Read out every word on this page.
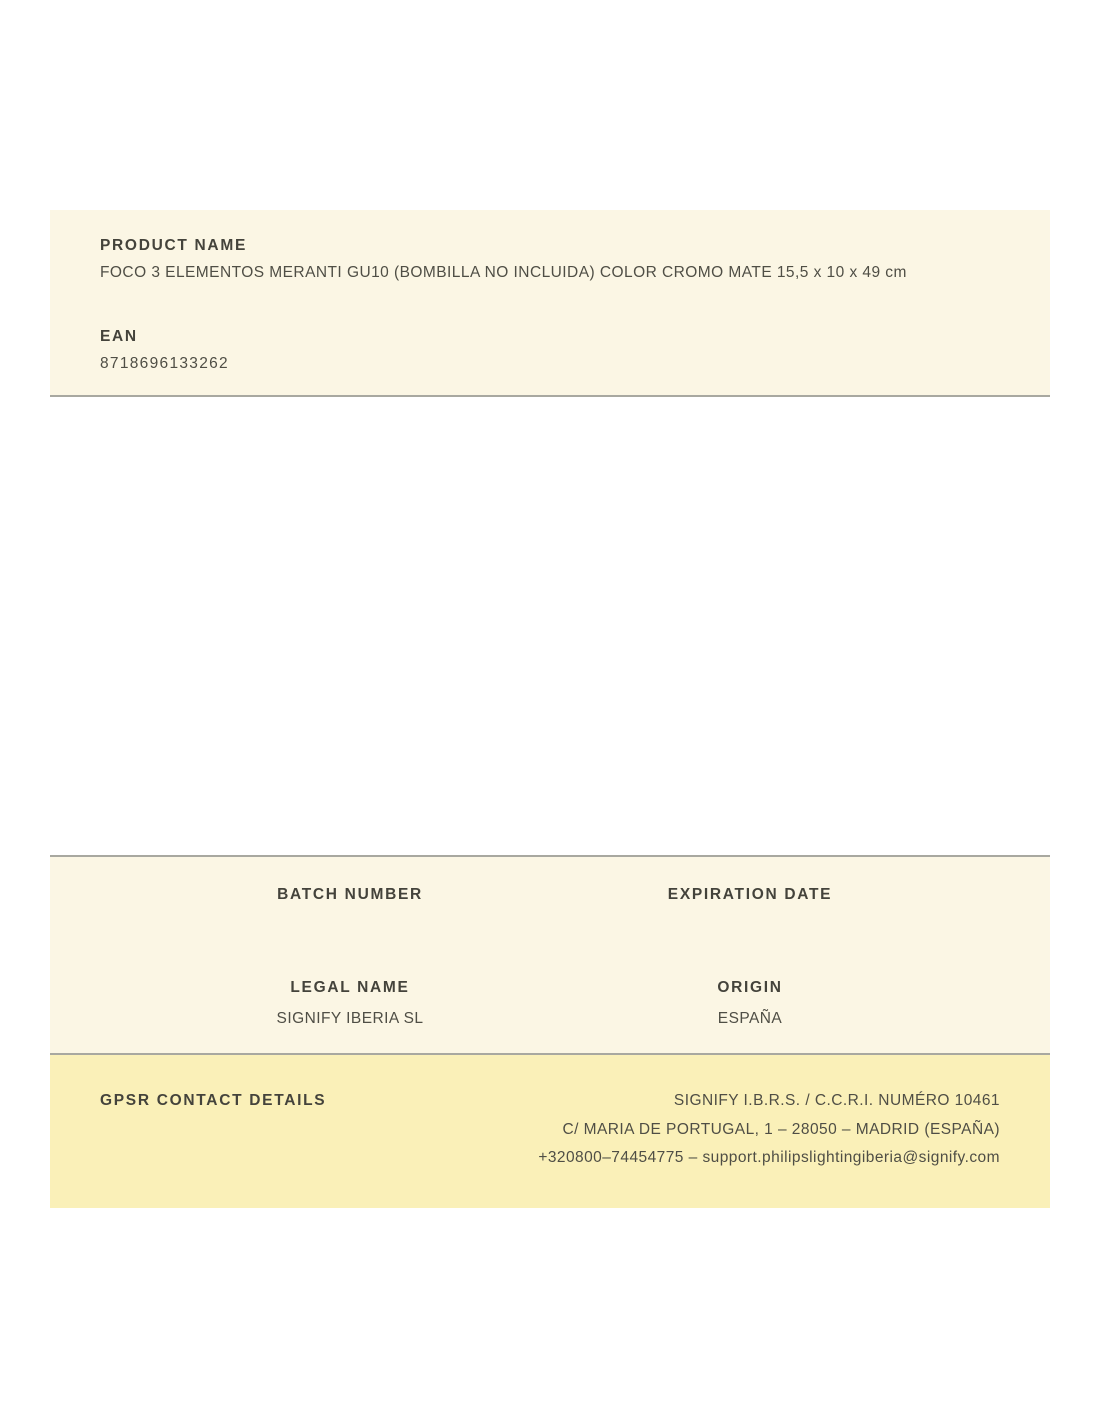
PRODUCT NAME
FOCO 3 ELEMENTOS MERANTI GU10 (BOMBILLA NO INCLUIDA) COLOR CROMO MATE 15,5 x 10 x 49 cm
EAN
8718696133262
BATCH NUMBER	EXPIRATION DATE
LEGAL NAME
SIGNIFY IBERIA SL
ORIGIN
ESPAÑA
GPSR CONTACT DETAILS	SIGNIFY I.B.R.S. / C.C.R.I. NUMÉRO 10461
C/ MARIA DE PORTUGAL, 1 – 28050 – MADRID (ESPAÑA)
+320800–74454775 – support.philipslightingiberia@signify.com
